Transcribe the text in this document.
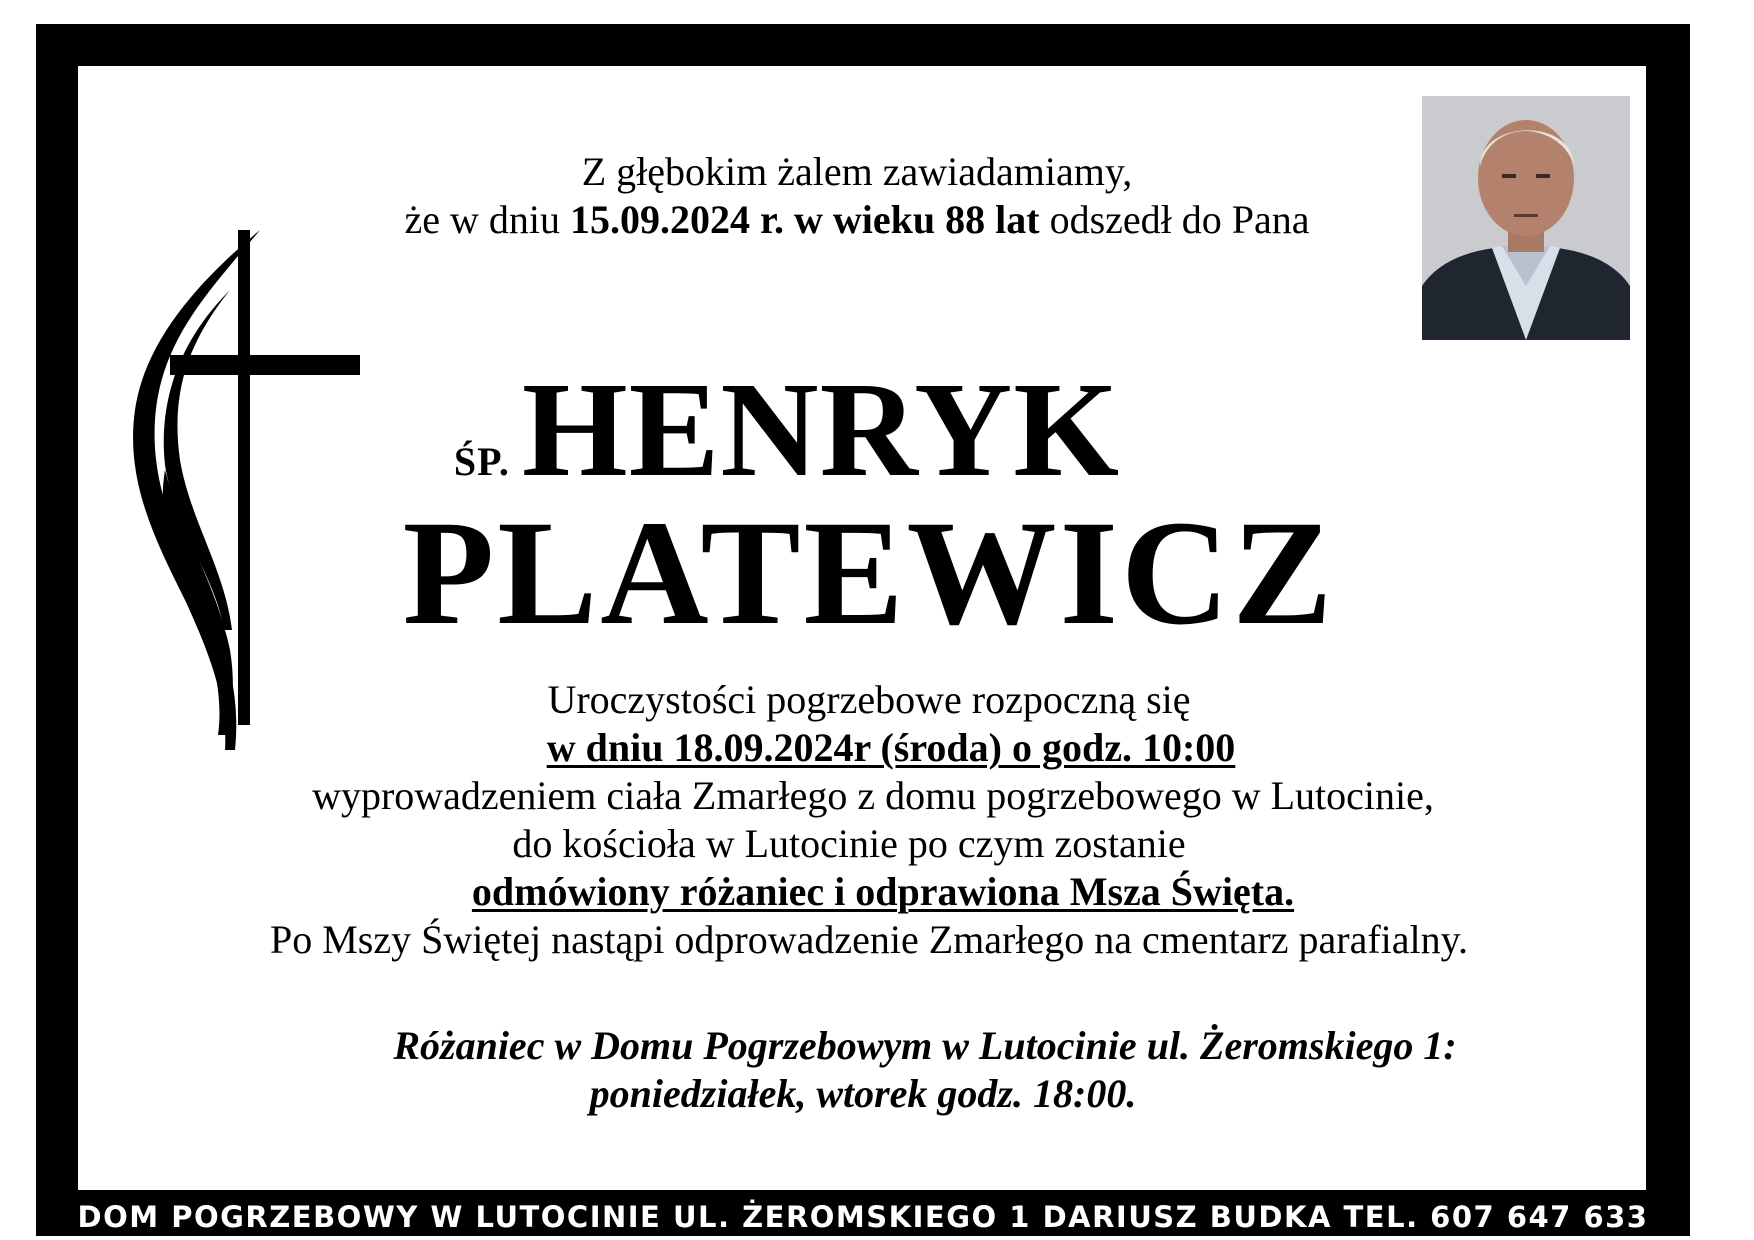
Z głębokim żalem zawiadamiamy,
że w dniu 15.09.2024 r. w wieku 88 lat odszedł do Pana
ŚP.HENRYK
PLATEWICZ
Uroczystości pogrzebowe rozpoczną się
w dniu 18.09.2024r (środa) o godz. 10:00
wyprowadzeniem ciała Zmarłego z domu pogrzebowego w Lutocinie,
do kościoła w Lutocinie po czym zostanie
odmówiony różaniec i odprawiona Msza Święta.
Po Mszy Świętej nastąpi odprowadzenie Zmarłego na cmentarz parafialny.
Różaniec w Domu Pogrzebowym w Lutocinie ul. Żeromskiego 1:
poniedziałek, wtorek godz. 18:00.
DOM POGRZEBOWY W LUTOCINIE UL. ŻEROMSKIEGO 1 DARIUSZ BUDKA TEL. 607 647 633
